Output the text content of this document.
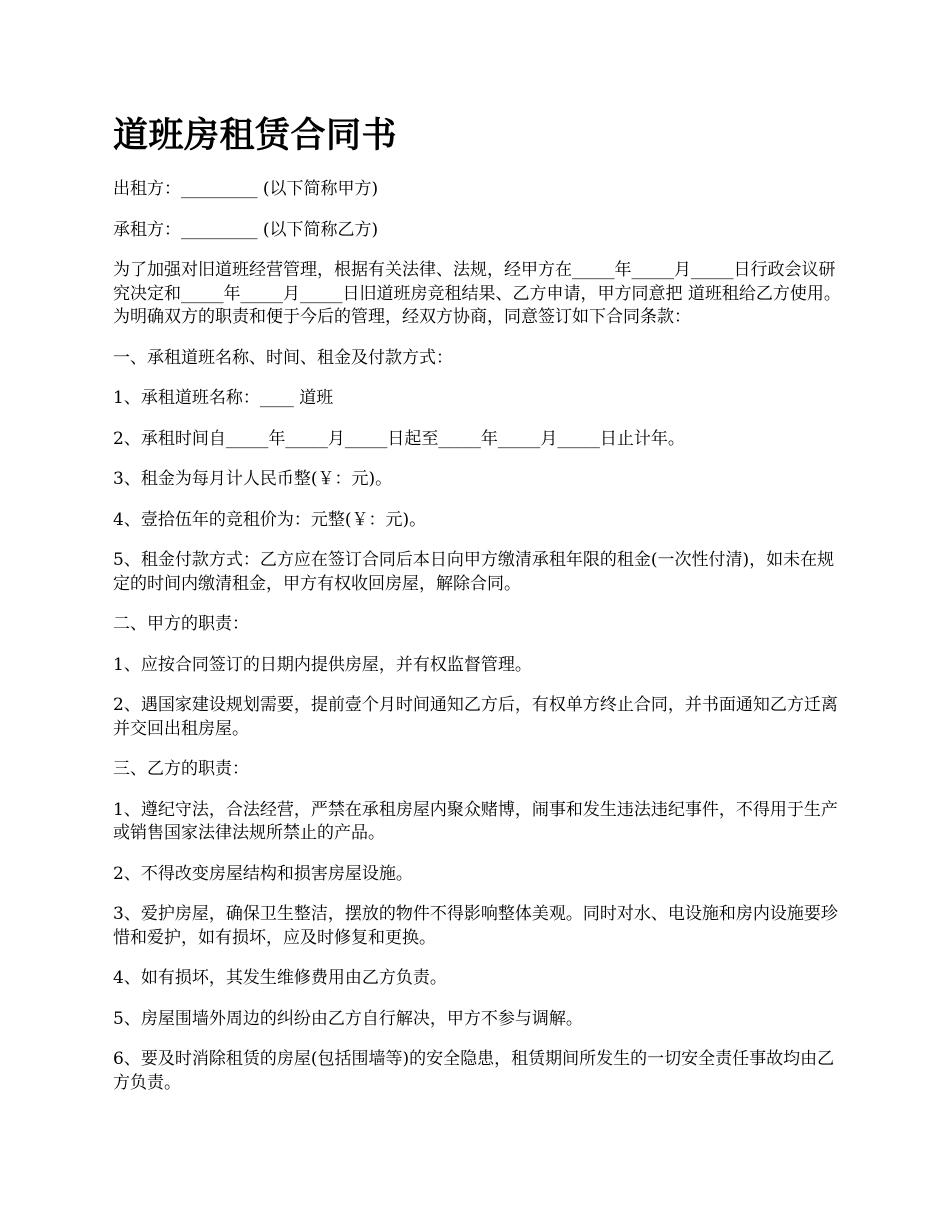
道班房租赁合同书
出租方：_________ (以下简称甲方)
承租方：_________ (以下简称乙方)
为了加强对旧道班经营管理，根据有关法律、法规，经甲方在_____年_____月_____日行政会议研究决定和_____年_____月_____日旧道班房竞租结果、乙方申请，甲方同意把 道班租给乙方使用。为明确双方的职责和便于今后的管理，经双方协商，同意签订如下合同条款：
一、承租道班名称、时间、租金及付款方式：
1、承租道班名称：____ 道班
2、承租时间自_____年_____月_____日起至_____年_____月_____日止计年。
3、租金为每月计人民币整(￥：元)。
4、壹拾伍年的竞租价为：元整(￥：元)。
5、租金付款方式：乙方应在签订合同后本日向甲方缴清承租年限的租金(一次性付清)，如未在规定的时间内缴清租金，甲方有权收回房屋，解除合同。
二、甲方的职责：
1、应按合同签订的日期内提供房屋，并有权监督管理。
2、遇国家建设规划需要，提前壹个月时间通知乙方后，有权单方终止合同，并书面通知乙方迁离并交回出租房屋。
三、乙方的职责：
1、遵纪守法，合法经营，严禁在承租房屋内聚众赌博，闹事和发生违法违纪事件，不得用于生产或销售国家法律法规所禁止的产品。
2、不得改变房屋结构和损害房屋设施。
3、爱护房屋，确保卫生整洁，摆放的物件不得影响整体美观。同时对水、电设施和房内设施要珍惜和爱护，如有损坏，应及时修复和更换。
4、如有损坏，其发生维修费用由乙方负责。
5、房屋围墙外周边的纠纷由乙方自行解决，甲方不参与调解。
6、要及时消除租赁的房屋(包括围墙等)的安全隐患，租赁期间所发生的一切安全责任事故均由乙方负责。
